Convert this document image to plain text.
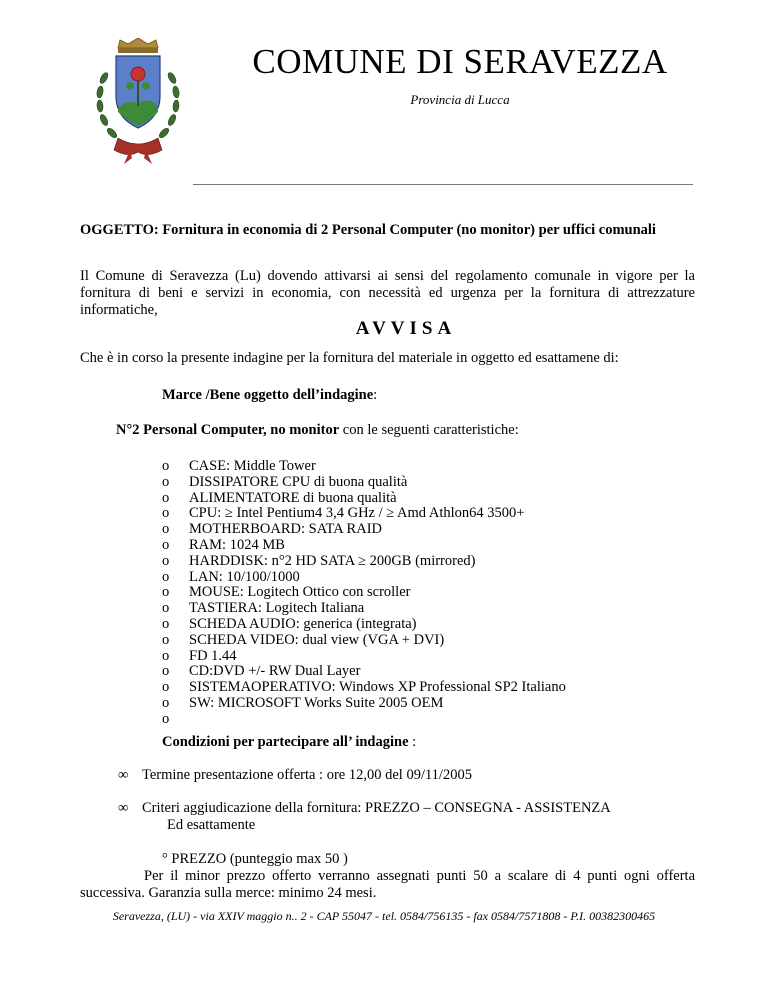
COMUNE DI SERAVEZZA
Provincia di Lucca
OGGETTO: Fornitura in economia di 2 Personal Computer (no monitor) per uffici comunali
Il Comune di Seravezza (Lu) dovendo attivarsi ai sensi del regolamento comunale in vigore per la fornitura di beni e servizi in economia, con necessità ed urgenza per la fornitura di attrezzature informatiche,
AVVISA
Che è in corso la presente indagine per la fornitura del materiale in oggetto ed esattamene di:
Marce /Bene oggetto dell’indagine:
N°2 Personal Computer, no monitor con le seguenti caratteristiche:
o CASE: Middle Tower
o DISSIPATORE CPU di buona qualità
o ALIMENTATORE di buona qualità
o CPU: ≥ Intel Pentium4 3,4 GHz / ≥ Amd Athlon64 3500+
o MOTHERBOARD: SATA RAID
o RAM: 1024 MB
o HARDDISK: n°2 HD SATA ≥ 200GB (mirrored)
o LAN: 10/100/1000
o MOUSE: Logitech Ottico con scroller
o TASTIERA: Logitech Italiana
o SCHEDA AUDIO: generica (integrata)
o SCHEDA VIDEO: dual view (VGA + DVI)
o FD 1.44
o CD:DVD +/- RW Dual Layer
o SISTEMAOPERATIVO: Windows XP Professional SP2 Italiano
o SW: MICROSOFT Works Suite 2005 OEM
o
Condizioni per partecipare all’ indagine :
∞ Termine presentazione offerta : ore 12,00 del 09/11/2005
∞ Criteri aggiudicazione della fornitura: PREZZO – CONSEGNA - ASSISTENZA
Ed esattamente
° PREZZO (punteggio max 50 )
Per il minor prezzo offerto verranno assegnati punti 50 a scalare di 4 punti ogni offerta successiva. Garanzia sulla merce: minimo 24 mesi.
Seravezza, (LU) - via XXIV maggio n.. 2 - CAP 55047 - tel. 0584/756135 - fax 0584/7571808 - P.I. 00382300465
